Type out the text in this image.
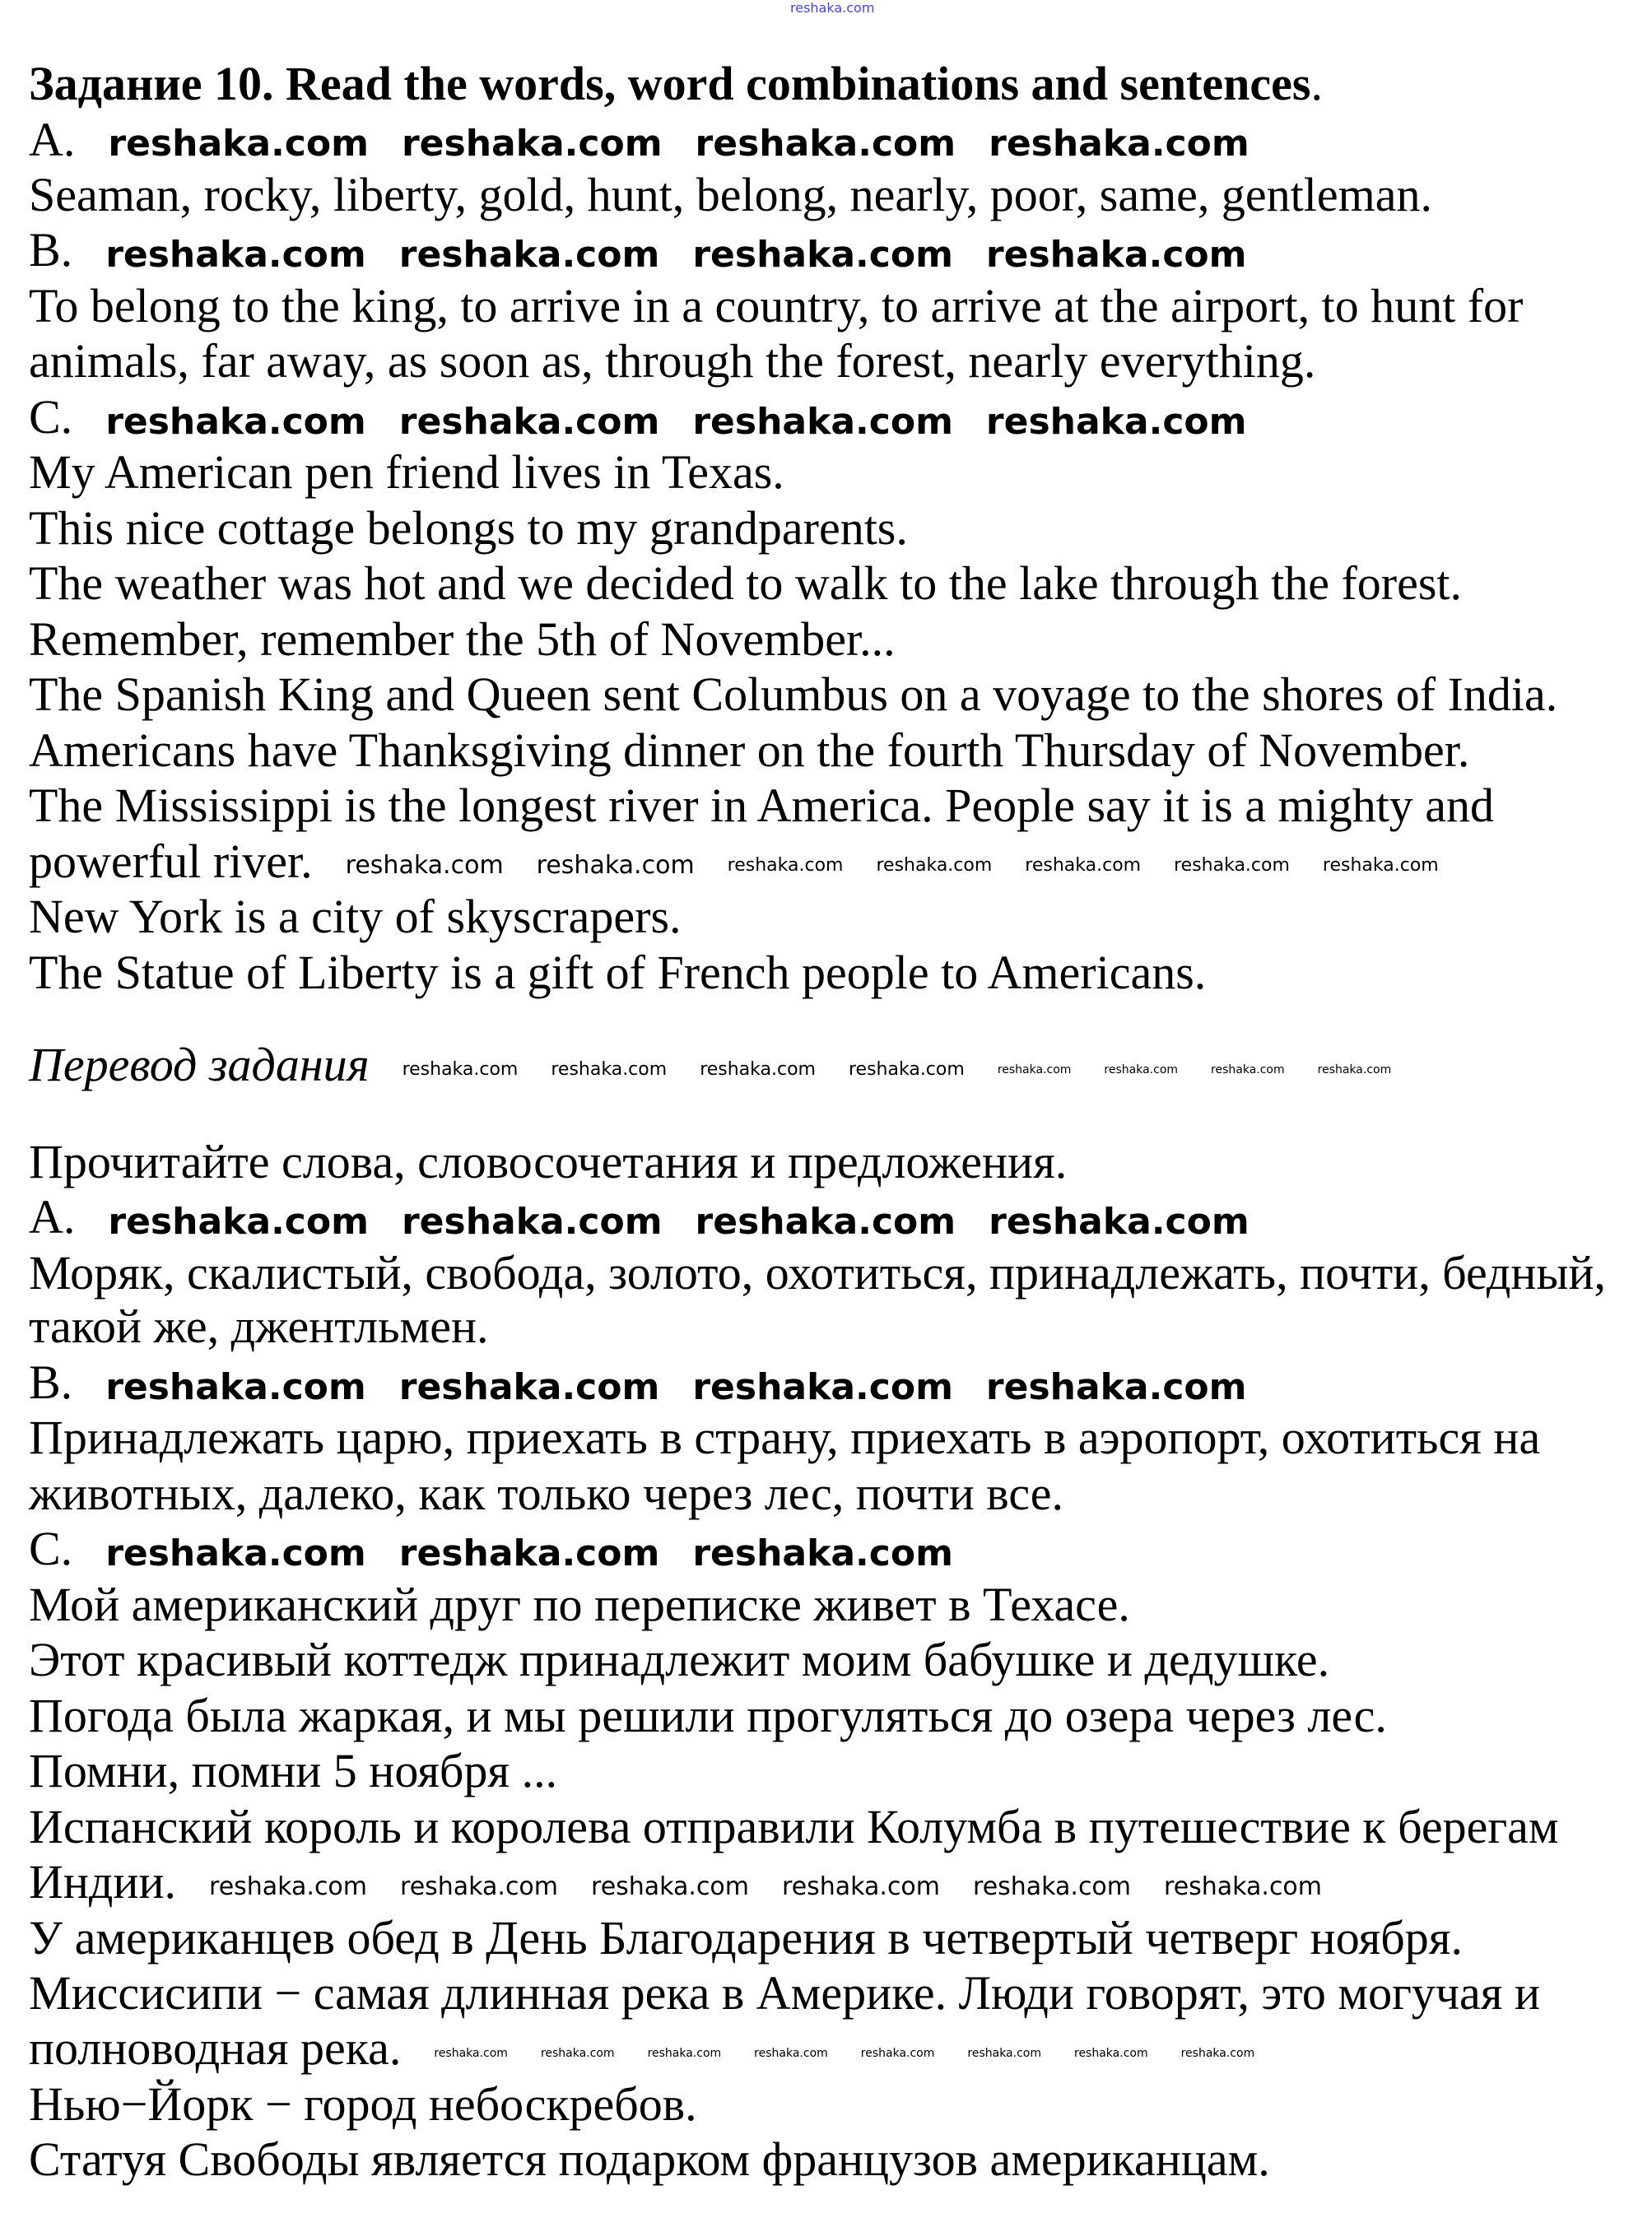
Задание 10. Read the words, word combinations and sentences.
A. reshaka.com reshaka.com reshaka.com reshaka.com
Seaman, rocky, liberty, gold, hunt, belong, nearly, poor, same, gentleman.
B. reshaka.com reshaka.com reshaka.com reshaka.com
To belong to the king, to arrive in a country, to arrive at the airport, to hunt for
animals, far away, as soon as, through the forest, nearly everything.
C. reshaka.com reshaka.com reshaka.com reshaka.com
My American pen friend lives in Texas.
This nice cottage belongs to my grandparents.
The weather was hot and we decided to walk to the lake through the forest.
Remember, remember the 5th of November...
The Spanish King and Queen sent Columbus on a voyage to the shores of India.
Americans have Thanksgiving dinner on the fourth Thursday of November.
The Mississippi is the longest river in America. People say it is a mighty and
powerful river. reshaka.com reshaka.com reshaka.com reshaka.com reshaka.com reshaka.com reshaka.com
New York is a city of skyscrapers.
The Statue of Liberty is a gift of French people to Americans.
Перевод задания reshaka.com reshaka.com reshaka.com reshaka.com	reshaka.com	reshaka.com	reshaka.com	reshaka.com
Прочитайте слова, словосочетания и предложения.
A. reshaka.com reshaka.com reshaka.com reshaka.com
Моряк, скалистый, свобода, золото, охотиться, принадлежать, почти, бедный,
такой же, джентльмен.
B. reshaka.com reshaka.com reshaka.com reshaka.com
Принадлежать царю, приехать в страну, приехать в аэропорт, охотиться на
животных, далеко, как только через лес, почти все.
C. reshaka.com reshaka.com reshaka.com
Мой американский друг по переписке живет в Техасе.
Этот красивый коттедж принадлежит моим бабушке и дедушке.
Погода была жаркая, и мы решили прогуляться до озера через лес.
Помни, помни 5 ноября ...
Испанский король и королева отправили Колумба в путешествие к берегам
Индии. reshaka.com reshaka.com reshaka.com reshaka.com reshaka.com reshaka.com
У американцев обед в День Благодарения в четвертый четверг ноября.
Миссисипи − самая длинная река в Америке. Люди говорят, это могучая и
полноводная река.	reshaka.com	reshaka.com	reshaka.com	reshaka.com	reshaka.com	reshaka.com	reshaka.com	reshaka.com
Нью−Йорк − город небоскребов.
Статуя Свободы является подарком французов американцам.
reshaka.com
